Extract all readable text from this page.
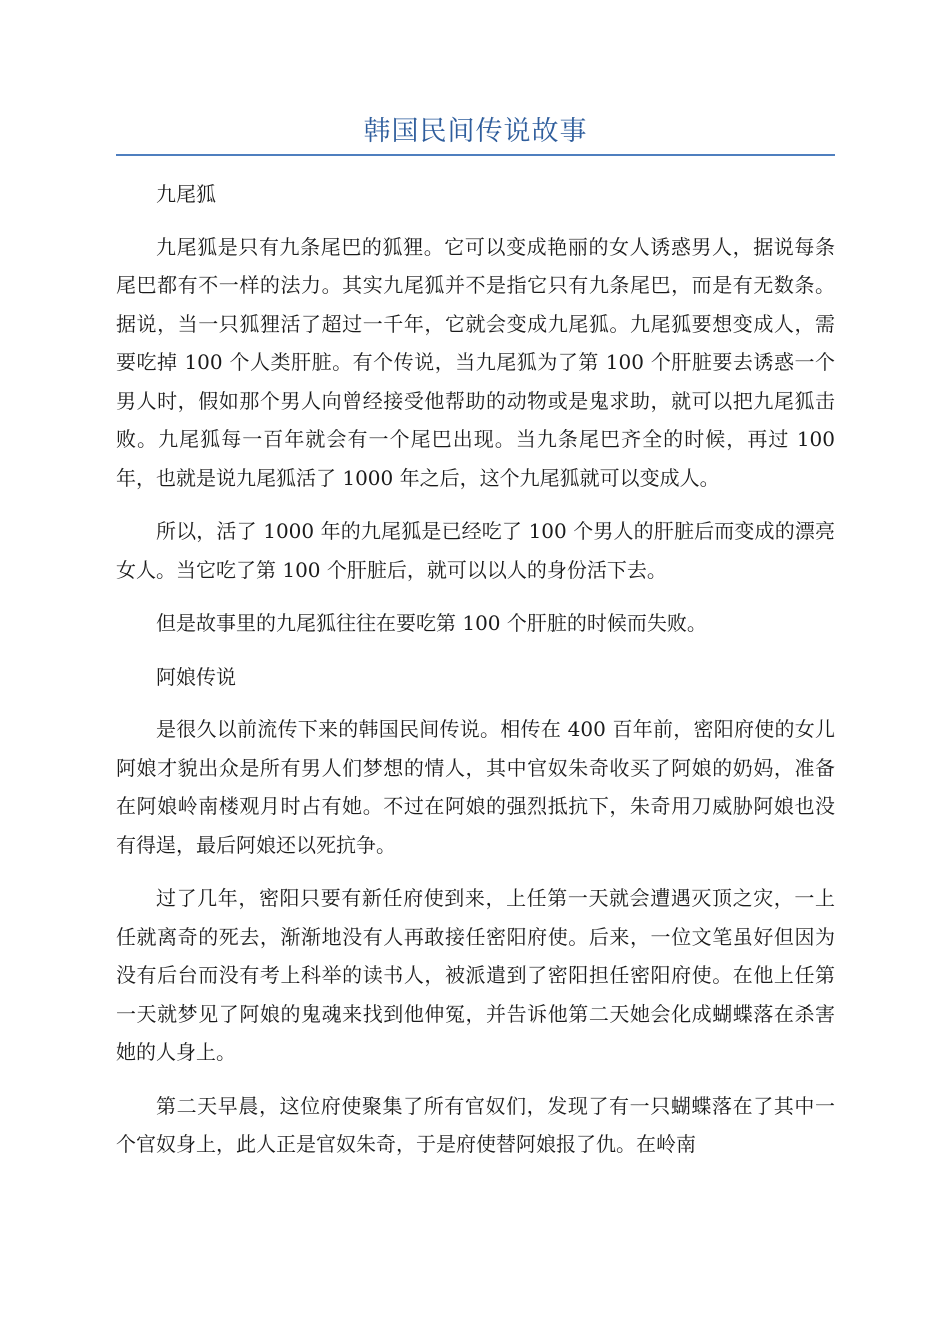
韩国民间传说故事

九尾狐

九尾狐是只有九条尾巴的狐狸。它可以变成艳丽的女人诱惑男人，据说每条尾巴都有不一样的法力。其实九尾狐并不是指它只有九条尾巴，而是有无数条。据说，当一只狐狸活了超过一千年，它就会变成九尾狐。九尾狐要想变成人，需要吃掉 100 个人类肝脏。有个传说，当九尾狐为了第 100 个肝脏要去诱惑一个男人时，假如那个男人向曾经接受他帮助的动物或是鬼求助，就可以把九尾狐击败。九尾狐每一百年就会有一个尾巴出现。当九条尾巴齐全的时候，再过 100 年，也就是说九尾狐活了 1000 年之后，这个九尾狐就可以变成人。

所以，活了 1000 年的九尾狐是已经吃了 100 个男人的肝脏后而变成的漂亮女人。当它吃了第 100 个肝脏后，就可以以人的身份活下去。

但是故事里的九尾狐往往在要吃第 100 个肝脏的时候而失败。

阿娘传说

是很久以前流传下来的韩国民间传说。相传在 400 百年前，密阳府使的女儿阿娘才貌出众是所有男人们梦想的情人，其中官奴朱奇收买了阿娘的奶妈，准备在阿娘岭南楼观月时占有她。不过在阿娘的强烈抵抗下，朱奇用刀威胁阿娘也没有得逞，最后阿娘还以死抗争。

过了几年，密阳只要有新任府使到来，上任第一天就会遭遇灭顶之灾，一上任就离奇的死去，渐渐地没有人再敢接任密阳府使。后来，一位文笔虽好但因为没有后台而没有考上科举的读书人，被派遣到了密阳担任密阳府使。在他上任第一天就梦见了阿娘的鬼魂来找到他伸冤，并告诉他第二天她会化成蝴蝶落在杀害她的人身上。

第二天早晨，这位府使聚集了所有官奴们，发现了有一只蝴蝶落在了其中一个官奴身上，此人正是官奴朱奇，于是府使替阿娘报了仇。在岭南
